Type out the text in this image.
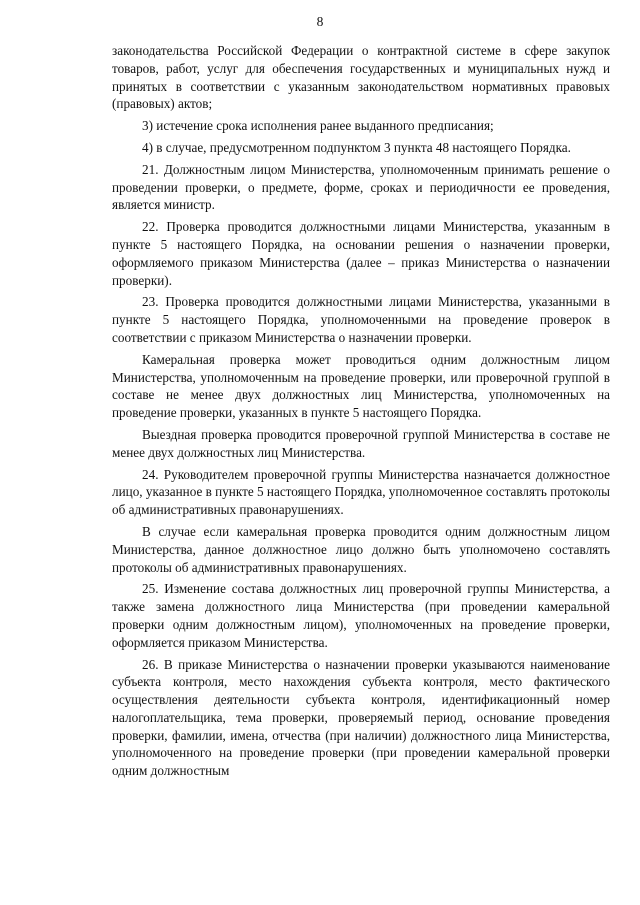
8

законодательства Российской Федерации о контрактной системе в сфере закупок товаров, работ, услуг для обеспечения государственных и муниципальных нужд и принятых в соответствии с указанным законодательством нормативных правовых (правовых) актов;

3) истечение срока исполнения ранее выданного предписания;

4) в случае, предусмотренном подпунктом 3 пункта 48 настоящего Порядка.

21. Должностным лицом Министерства, уполномоченным принимать решение о проведении проверки, о предмете, форме, сроках и периодичности ее проведения, является министр.

22. Проверка проводится должностными лицами Министерства, указанным в пункте 5 настоящего Порядка, на основании решения о назначении проверки, оформляемого приказом Министерства (далее – приказ Министерства о назначении проверки).

23. Проверка проводится должностными лицами Министерства, указанными в пункте 5 настоящего Порядка, уполномоченными на проведение проверок в соответствии с приказом Министерства о назначении проверки.

Камеральная проверка может проводиться одним должностным лицом Министерства, уполномоченным на проведение проверки, или проверочной группой в составе не менее двух должностных лиц Министерства, уполномоченных на проведение проверки, указанных в пункте 5 настоящего Порядка.

Выездная проверка проводится проверочной группой Министерства в составе не менее двух должностных лиц Министерства.

24. Руководителем проверочной группы Министерства назначается должностное лицо, указанное в пункте 5 настоящего Порядка, уполномоченное составлять протоколы об административных правонарушениях.

В случае если камеральная проверка проводится одним должностным лицом Министерства, данное должностное лицо должно быть уполномочено составлять протоколы об административных правонарушениях.

25. Изменение состава должностных лиц проверочной группы Министерства, а также замена должностного лица Министерства (при проведении камеральной проверки одним должностным лицом), уполномоченных на проведение проверки, оформляется приказом Министерства.

26. В приказе Министерства о назначении проверки указываются наименование субъекта контроля, место нахождения субъекта контроля, место фактического осуществления деятельности субъекта контроля, идентификационный номер налогоплательщика, тема проверки, проверяемый период, основание проведения проверки, фамилии, имена, отчества (при наличии) должностного лица Министерства, уполномоченного на проведение проверки (при проведении камеральной проверки одним должностным
